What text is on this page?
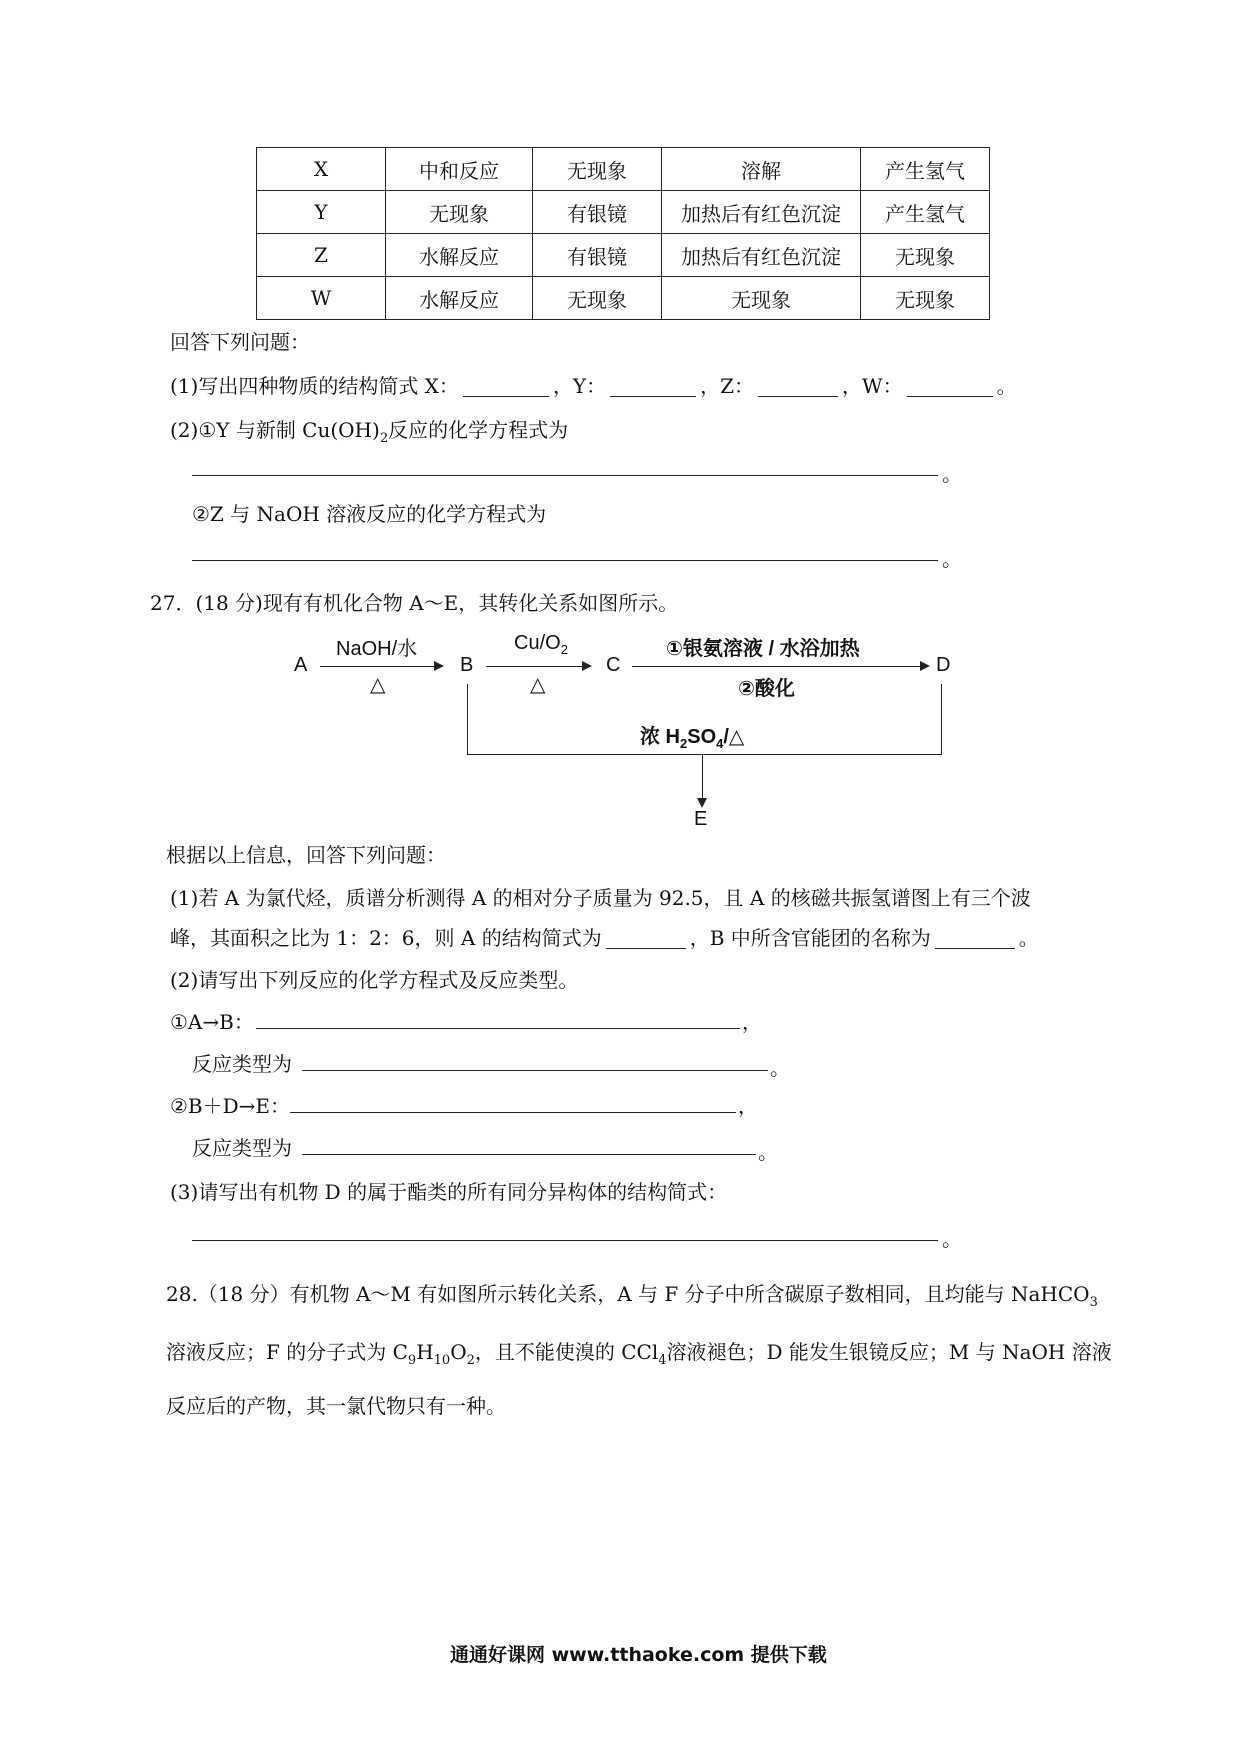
X	中和反应	无现象	溶解	产生氢气
Y	无现象	有银镜	加热后有红色沉淀	产生氢气
Z	水解反应	有银镜	加热后有红色沉淀	无现象
W	水解反应	无现象	无现象	无现象
回答下列问题：
(1)写出四种物质的结构简式 X：	，Y：	，Z：	，W：	。
(2)①Y 与新制 $Cu(OH)_2$反应的化学方程式为
。
②Z 与 NaOH 溶液反应的化学方程式为
。
27．(18 分)现有有机化合物 A～E，其转化关系如图所示。
A
NaOH/水
△
B
$Cu/O_2$
△
C
①银氨溶液 / 水浴加热
②酸化
D
浓 $H_2SO_4/\triangle$
E
根据以上信息，回答下列问题：
(1)若 A 为氯代烃，质谱分析测得 A 的相对分子质量为 92.5，且 A 的核磁共振氢谱图上有三个波
峰，其面积之比为 1：2：6，则 A 的结构简式为	，B 中所含官能团的名称为	。
(2)请写出下列反应的化学方程式及反应类型。
①A→B：	，
反应类型为	。
②B＋D→E：	，
反应类型为	。
(3)请写出有机物 D 的属于酯类的所有同分异构体的结构简式：
。
28.（18 分）有机物 A～M 有如图所示转化关系，A 与 F 分子中所含碳原子数相同，且均能与 NaHCO$_3$
溶液反应；F 的分子式为 $C_9H_{10}O_2$，且不能使溴的 CCl$_4$溶液褪色；D 能发生银镜反应；M 与 NaOH 溶液
反应后的产物，其一氯代物只有一种。
通通好课网 www.tthaoke.com 提供下载
